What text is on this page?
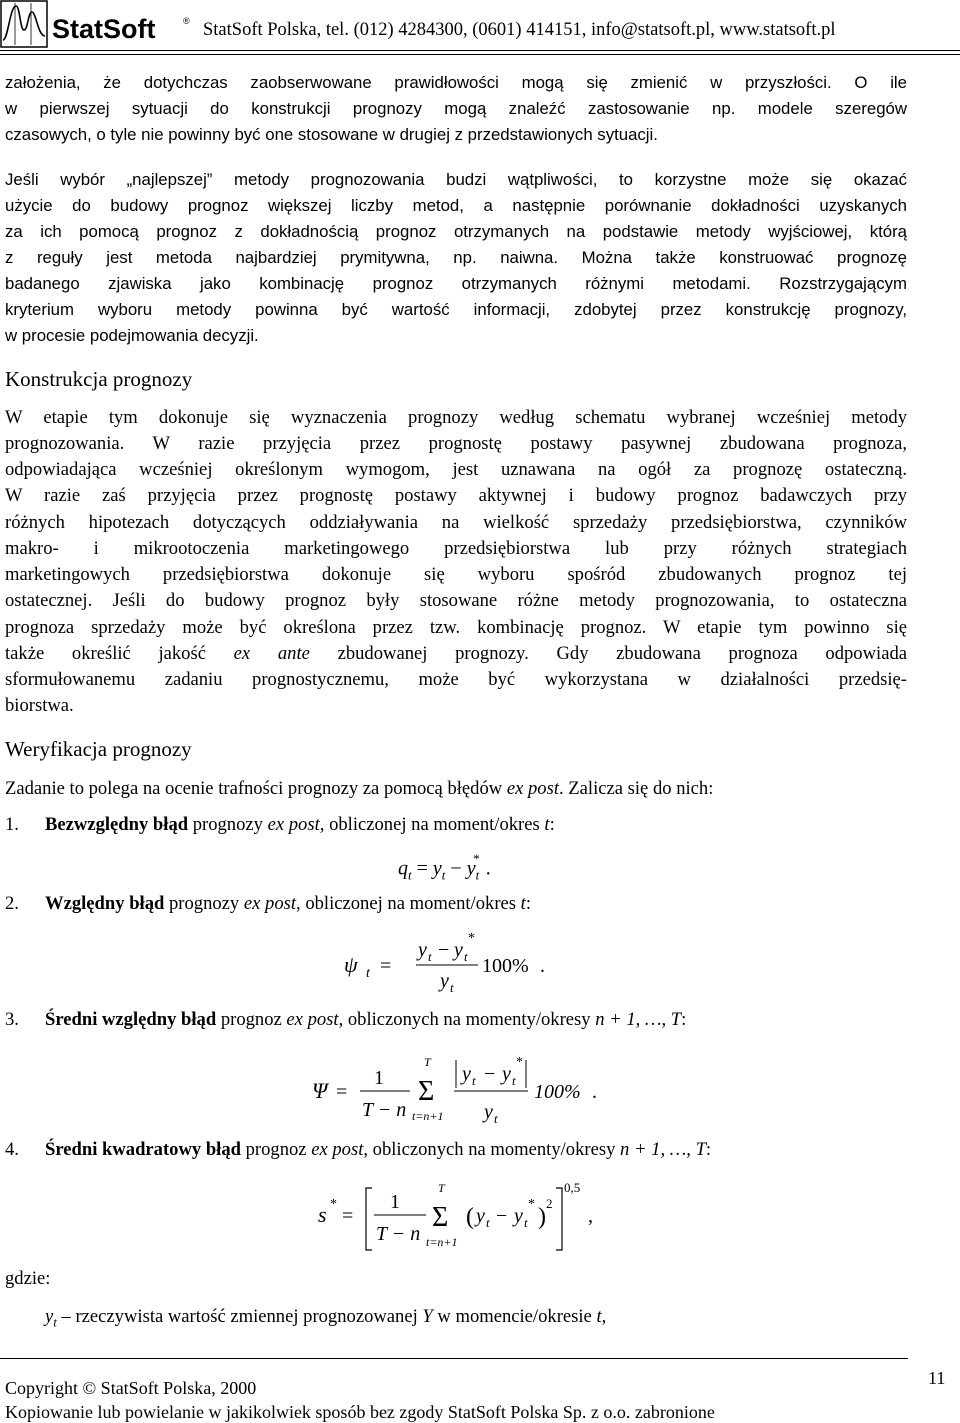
StatSoft	® StatSoft Polska, tel. (012) 4284300, (0601) 414151, info@statsoft.pl, www.statsoft.pl
założenia, że dotychczas zaobserwowane prawidłowości mogą się zmienić w przyszłości. O ile
w pierwszej sytuacji do konstrukcji prognozy mogą znaleźć zastosowanie np. modele szeregów
czasowych, o tyle nie powinny być one stosowane w drugiej z przedstawionych sytuacji.
Jeśli wybór „najlepszej” metody prognozowania budzi wątpliwości, to korzystne może się okazać
użycie do budowy prognoz większej liczby metod, a następnie porównanie dokładności uzyskanych
za ich pomocą prognoz z dokładnością prognoz otrzymanych na podstawie metody wyjściowej, którą
z reguły jest metoda najbardziej prymitywna, np. naiwna. Można także konstruować prognozę
badanego zjawiska jako kombinację prognoz otrzymanych różnymi metodami. Rozstrzygającym
kryterium wyboru metody powinna być wartość informacji, zdobytej przez konstrukcję prognozy,
w procesie podejmowania decyzji.
Konstrukcja prognozy
W etapie tym dokonuje się wyznaczenia prognozy według schematu wybranej wcześniej metody
prognozowania. W razie przyjęcia przez prognostę postawy pasywnej zbudowana prognoza,
odpowiadająca wcześniej określonym wymogom, jest uznawana na ogół za prognozę ostateczną.
W razie zaś przyjęcia przez prognostę postawy aktywnej i budowy prognoz badawczych przy
różnych hipotezach dotyczących oddziaływania na wielkość sprzedaży przedsiębiorstwa, czynników
makro- i mikrootoczenia marketingowego przedsiębiorstwa lub przy różnych strategiach
marketingowych przedsiębiorstwa dokonuje się wyboru spośród zbudowanych prognoz tej
ostatecznej. Jeśli do budowy prognoz były stosowane różne metody prognozowania, to ostateczna
prognoza sprzedaży może być określona przez tzw. kombinację prognoz. W etapie tym powinno się
także określić jakość ex ante zbudowanej prognozy. Gdy zbudowana prognoza odpowiada
sformułowanemu zadaniu prognostycznemu, może być wykorzystana w działalności przedsię-
biorstwa.
Weryfikacja prognozy
Zadanie to polega na ocenie trafności prognozy za pomocą błędów ex post. Zalicza się do nich:
1. Bezwzględny błąd prognozy ex post, obliczonej na moment/okres t:
$q_t = y_t - y_t^*$ .
2. Względny błąd prognozy ex post, obliczonej na moment/okres t:
ψ t =
y t − y t
*
y t
100% .
3. Średni względny błąd prognoz ex post, obliczonych na momenty/okresy n + 1, …, T:
Ψ =
1
T − n
T
Σ
t=n+1
y t − y t
*
y t
100% .
4. Średni kwadratowy błąd prognoz ex post, obliczonych na momenty/okresy n + 1, …, T:
s *
=
1
T − n
T
Σ
t=n+1
( y t − y t
* )
2
0,5
,
gdzie:
$y_t$ – rzeczywista wartość zmiennej prognozowanej Y w momencie/okresie t,
Copyright © StatSoft Polska, 2000
Kopiowanie lub powielanie w jakikolwiek sposób bez zgody StatSoft Polska Sp. z o.o. zabronione
11
